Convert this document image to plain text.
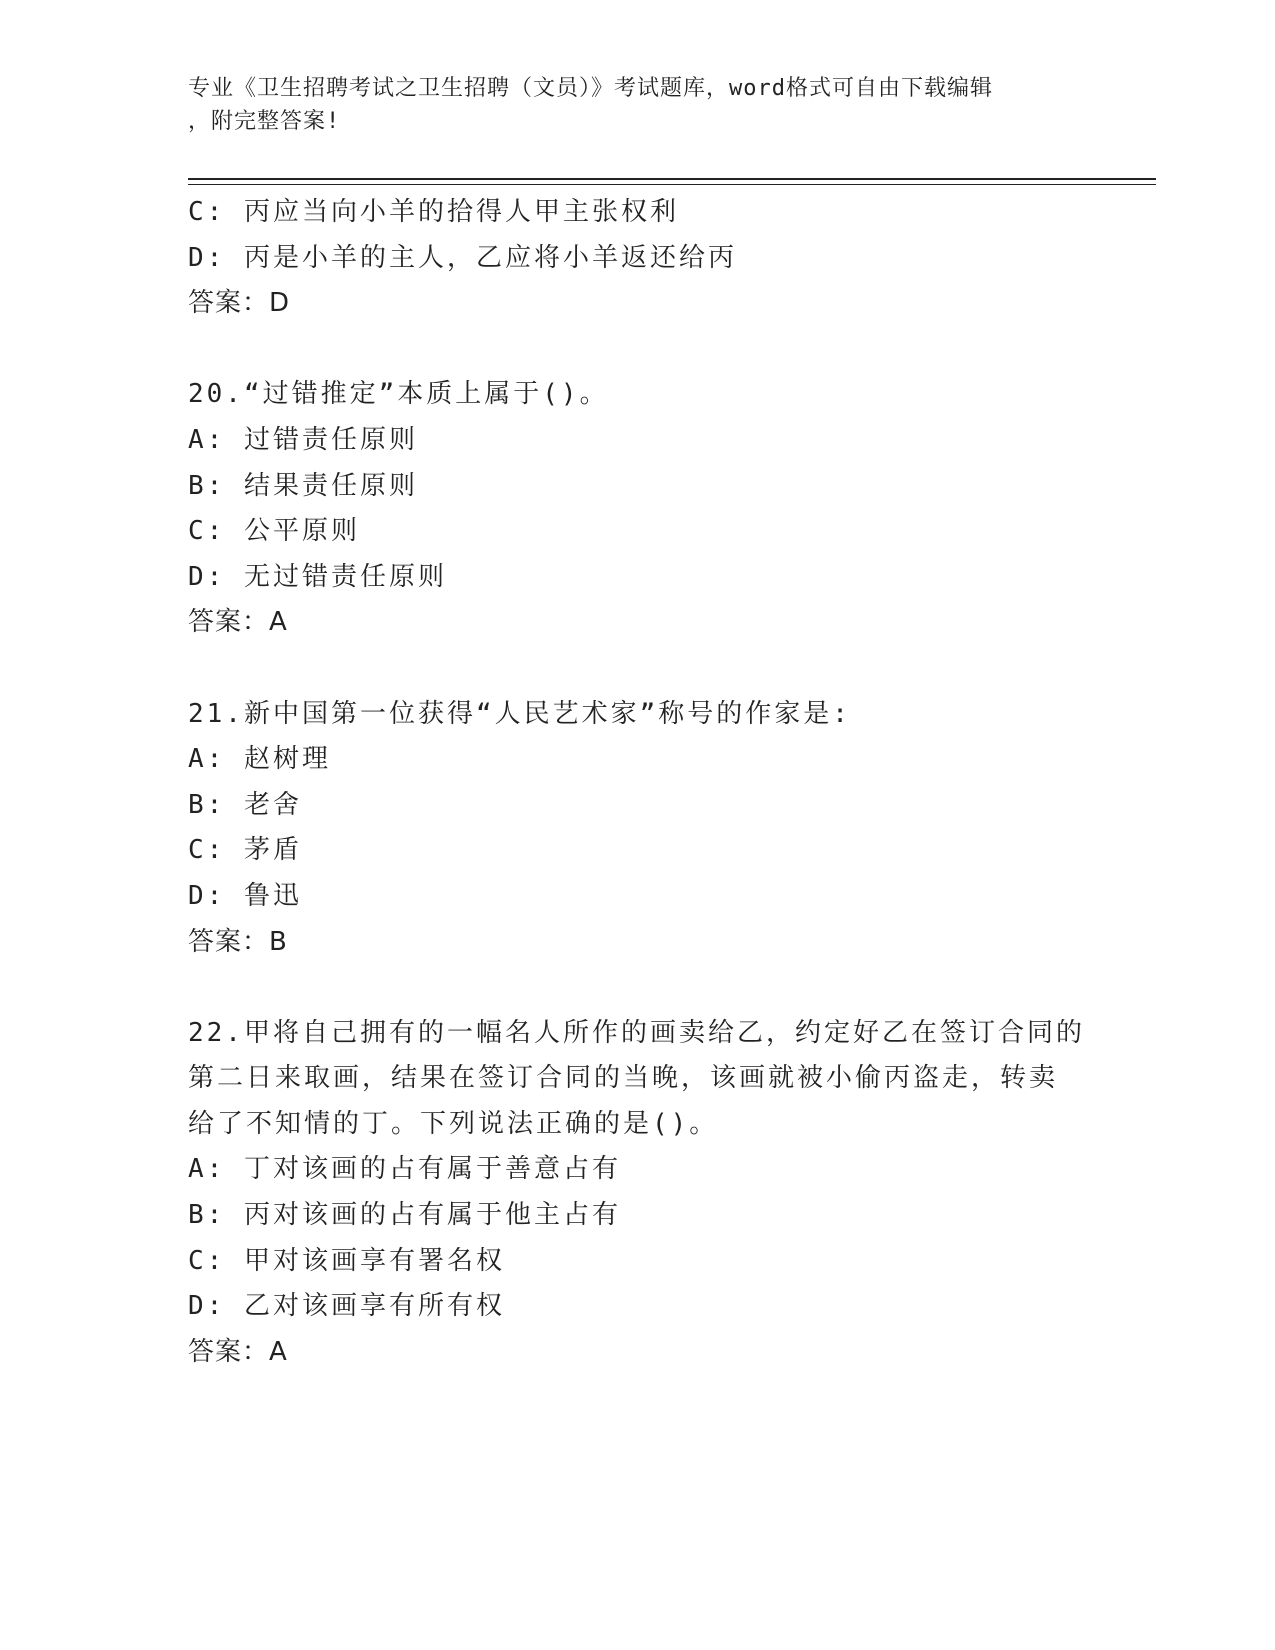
专业《卫生招聘考试之卫生招聘（文员）》考试题库，word格式可自由下载编辑
，附完整答案!
C: 丙应当向小羊的拾得人甲主张权利
D: 丙是小羊的主人，乙应将小羊返还给丙
答案：D
20.“过错推定”本质上属于()。
A: 过错责任原则
B: 结果责任原则
C: 公平原则
D: 无过错责任原则
答案：A
21.新中国第一位获得“人民艺术家”称号的作家是:
A: 赵树理
B: 老舍
C: 茅盾
D: 鲁迅
答案：B
22.甲将自己拥有的一幅名人所作的画卖给乙，约定好乙在签订合同的
第二日来取画，结果在签订合同的当晚，该画就被小偷丙盗走，转卖
给了不知情的丁。下列说法正确的是()。
A: 丁对该画的占有属于善意占有
B: 丙对该画的占有属于他主占有
C: 甲对该画享有署名权
D: 乙对该画享有所有权
答案：A
